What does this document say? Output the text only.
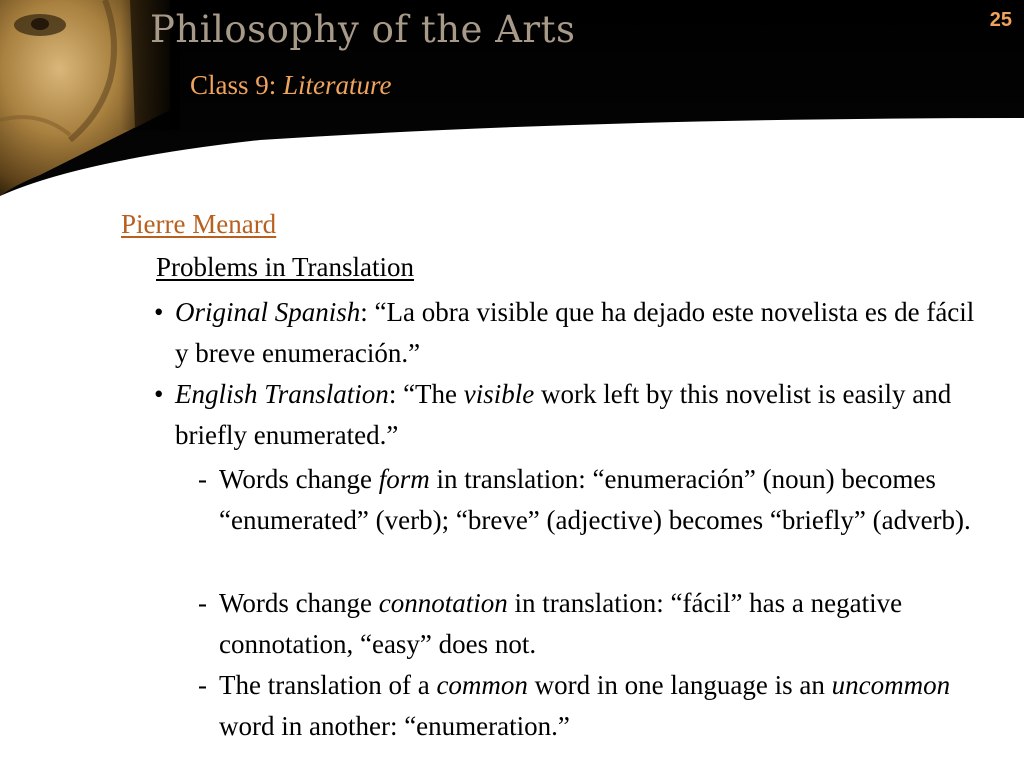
Philosophy of the Arts
Class 9: Literature
25
Pierre Menard
Problems in Translation
• Original Spanish: “La obra visible que ha dejado este novelista es de fácil y breve enumeración.”
• English Translation: “The visible work left by this novelist is easily and briefly enumerated.”
- Words change form in translation: “enumeración” (noun) becomes “enumerated” (verb); “breve” (adjective) becomes “briefly” (adverb).
- Words change connotation in translation: “fácil” has a negative connotation, “easy” does not.
- The translation of a common word in one language is an uncommon word in another: “enumeration.”
